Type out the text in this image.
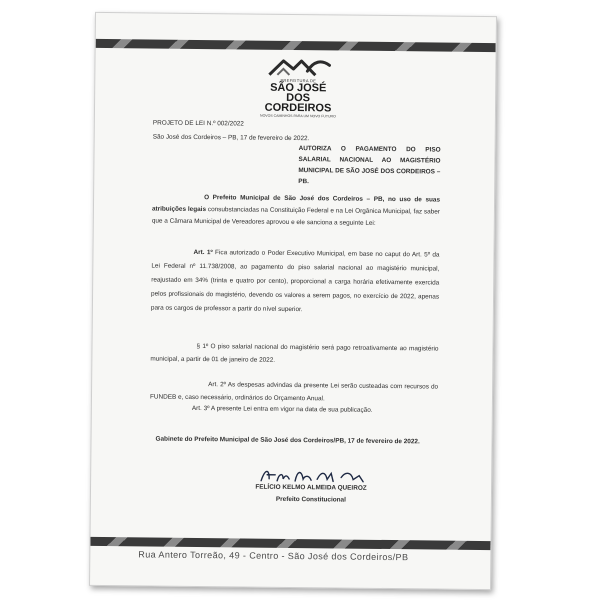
PREFEITURA DE
SÃO JOSÉ
DOS CORDEIROS
NOVOS CAMINHOS PARA UM NOVO FUTURO
PROJETO DE LEI N.º 002/2022
São José dos Cordeiros – PB, 17 de fevereiro de 2022.
AUTORIZA O PAGAMENTO DO PISO SALARIAL NACIONAL AO MAGISTÉRIO MUNICIPAL DE SÃO JOSÉ DOS CORDEIROS – PB.
O Prefeito Municipal de São José dos Cordeiros – PB, no uso de suas atribuições legais consubstanciadas na Constituição Federal e na Lei Orgânica Municipal, faz saber que a Câmara Municipal de Vereadores aprovou e ele sanciona a seguinte Lei:
Art. 1º Fica autorizado o Poder Executivo Municipal, em base no caput do Art. 5º da Lei Federal nº 11.738/2008, ao pagamento do piso salarial nacional ao magistério municipal, reajustado em 34% (trinta e quatro por cento), proporcional a carga horária efetivamente exercida pelos profissionais do magistério, devendo os valores a serem pagos, no exercício de 2022, apenas para os cargos de professor a partir do nível superior.
§ 1º O piso salarial nacional do magistério será pago retroativamente ao magistério municipal, a partir de 01 de janeiro de 2022.
Art. 2º As despesas advindas da presente Lei serão custeadas com recursos do FUNDEB e, caso necessário, ordinários do Orçamento Anual.
Art. 3º A presente Lei entra em vigor na data de sua publicação.
Gabinete do Prefeito Municipal de São José dos Cordeiros/PB, 17 de fevereiro de 2022.
FELÍCIO KELMO ALMEIDA QUEIROZ
Prefeito Constitucional
Rua Antero Torreão, 49 - Centro - São José dos Cordeiros/PB
